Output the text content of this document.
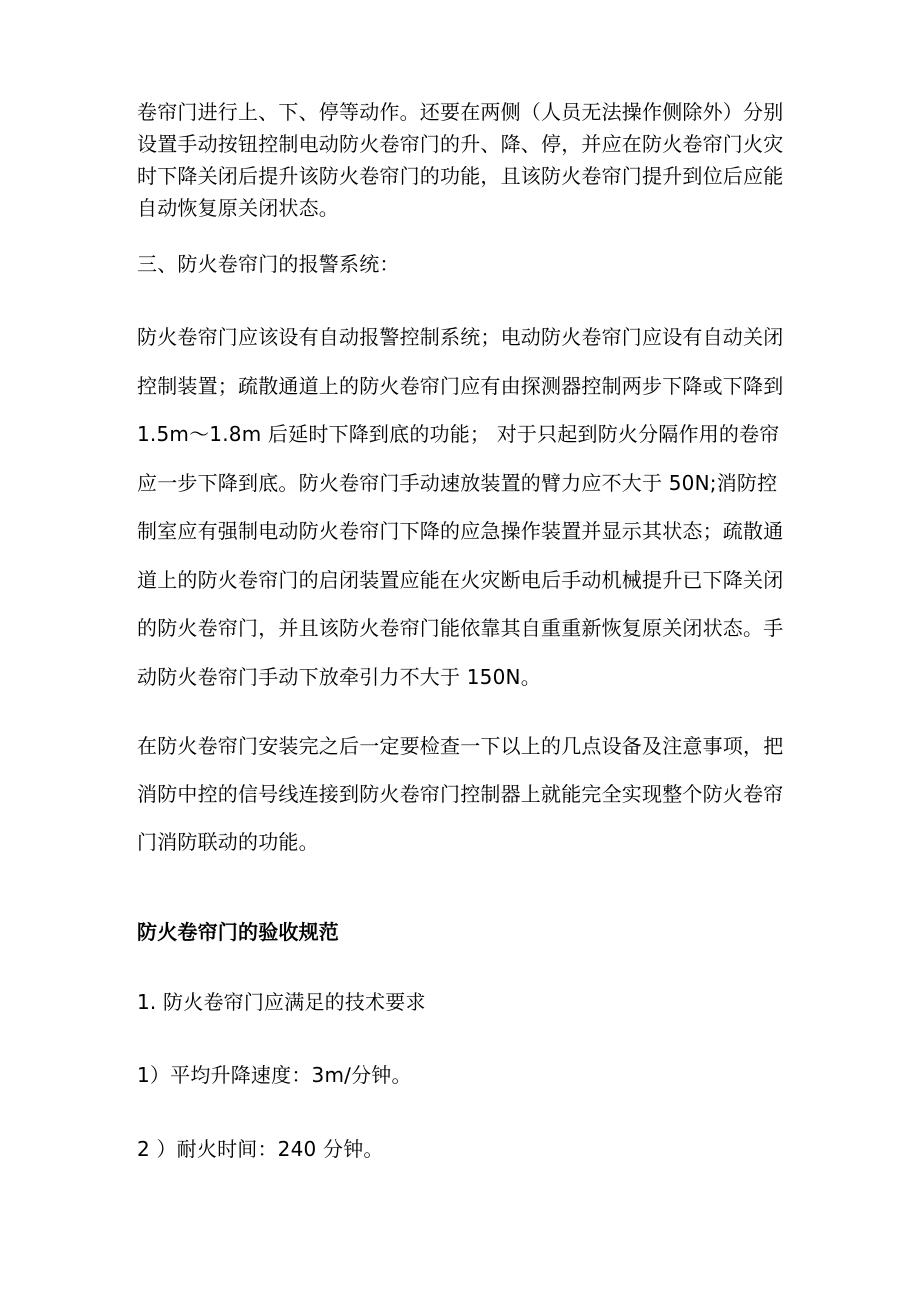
卷帘门进行上、下、停等动作。还要在两侧（人员无法操作侧除外）分别设置手动按钮控制电动防火卷帘门的升、降、停，并应在防火卷帘门火灾时下降关闭后提升该防火卷帘门的功能，且该防火卷帘门提升到位后应能自动恢复原关闭状态。

三、防火卷帘门的报警系统：

防火卷帘门应该设有自动报警控制系统；电动防火卷帘门应设有自动关闭控制装置；疏散通道上的防火卷帘门应有由探测器控制两步下降或下降到 1.5m～1.8m 后延时下降到底的功能； 对于只起到防火分隔作用的卷帘应一步下降到底。防火卷帘门手动速放装置的臂力应不大于 50N;消防控制室应有强制电动防火卷帘门下降的应急操作装置并显示其状态；疏散通道上的防火卷帘门的启闭装置应能在火灾断电后手动机械提升已下降关闭的防火卷帘门，并且该防火卷帘门能依靠其自重重新恢复原关闭状态。手动防火卷帘门手动下放牵引力不大于 150N。

在防火卷帘门安装完之后一定要检查一下以上的几点设备及注意事项，把消防中控的信号线连接到防火卷帘门控制器上就能完全实现整个防火卷帘门消防联动的功能。

防火卷帘门的验收规范

1. 防火卷帘门应满足的技术要求

1）平均升降速度：3m∕分钟。

2 ）耐火时间：240 分钟。
